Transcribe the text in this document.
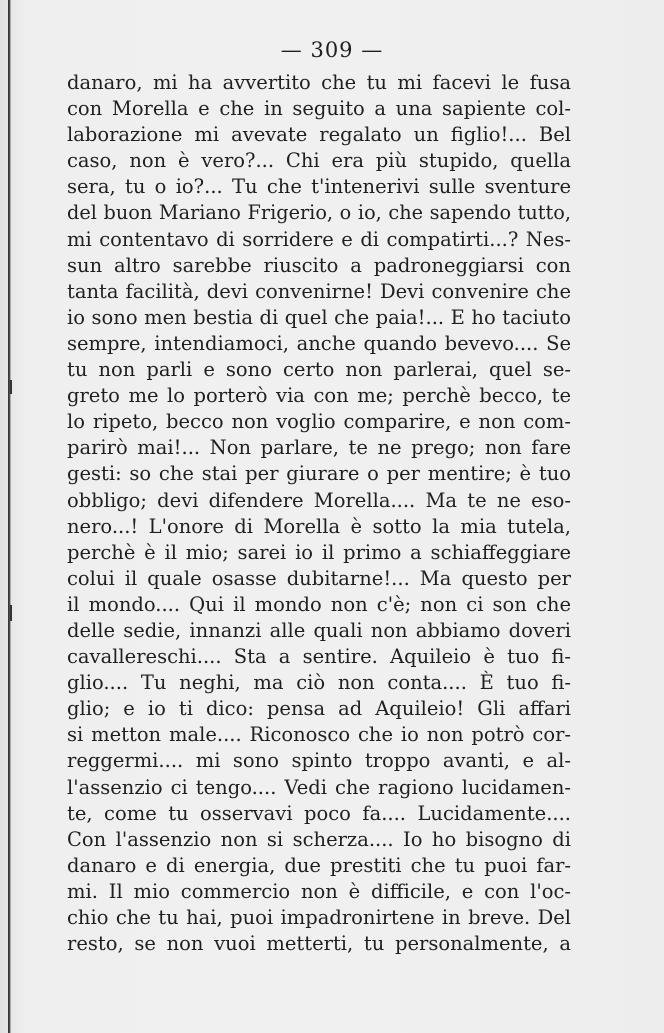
— 309 —
danaro, mi ha avvertito che tu mi facevi le fusa
con Morella e che in seguito a una sapiente col-
laborazione mi avevate regalato un figlio!... Bel
caso, non è vero?... Chi era più stupido, quella
sera, tu o io?... Tu che t'intenerivi sulle sventure
del buon Mariano Frigerio, o io, che sapendo tutto,
mi contentavo di sorridere e di compatirti...? Nes-
sun altro sarebbe riuscito a padroneggiarsi con
tanta facilità, devi convenirne! Devi convenire che
io sono men bestia di quel che paia!... E ho taciuto
sempre, intendiamoci, anche quando bevevo.... Se
tu non parli e sono certo non parlerai, quel se-
greto me lo porterò via con me; perchè becco, te
lo ripeto, becco non voglio comparire, e non com-
parirò mai!... Non parlare, te ne prego; non fare
gesti: so che stai per giurare o per mentire; è tuo
obbligo; devi difendere Morella.... Ma te ne eso-
nero...! L'onore di Morella è sotto la mia tutela,
perchè è il mio; sarei io il primo a schiaffeggiare
colui il quale osasse dubitarne!... Ma questo per
il mondo.... Qui il mondo non c'è; non ci son che
delle sedie, innanzi alle quali non abbiamo doveri
cavallereschi.... Sta a sentire. Aquileio è tuo fi-
glio.... Tu neghi, ma ciò non conta.... È tuo fi-
glio; e io ti dico: pensa ad Aquileio! Gli affari
si metton male.... Riconosco che io non potrò cor-
reggermi.... mi sono spinto troppo avanti, e al-
l'assenzio ci tengo.... Vedi che ragiono lucidamen-
te, come tu osservavi poco fa.... Lucidamente....
Con l'assenzio non si scherza.... Io ho bisogno di
danaro e di energia, due prestiti che tu puoi far-
mi. Il mio commercio non è difficile, e con l'oc-
chio che tu hai, puoi impadronirtene in breve. Del
resto, se non vuoi metterti, tu personalmente, a
